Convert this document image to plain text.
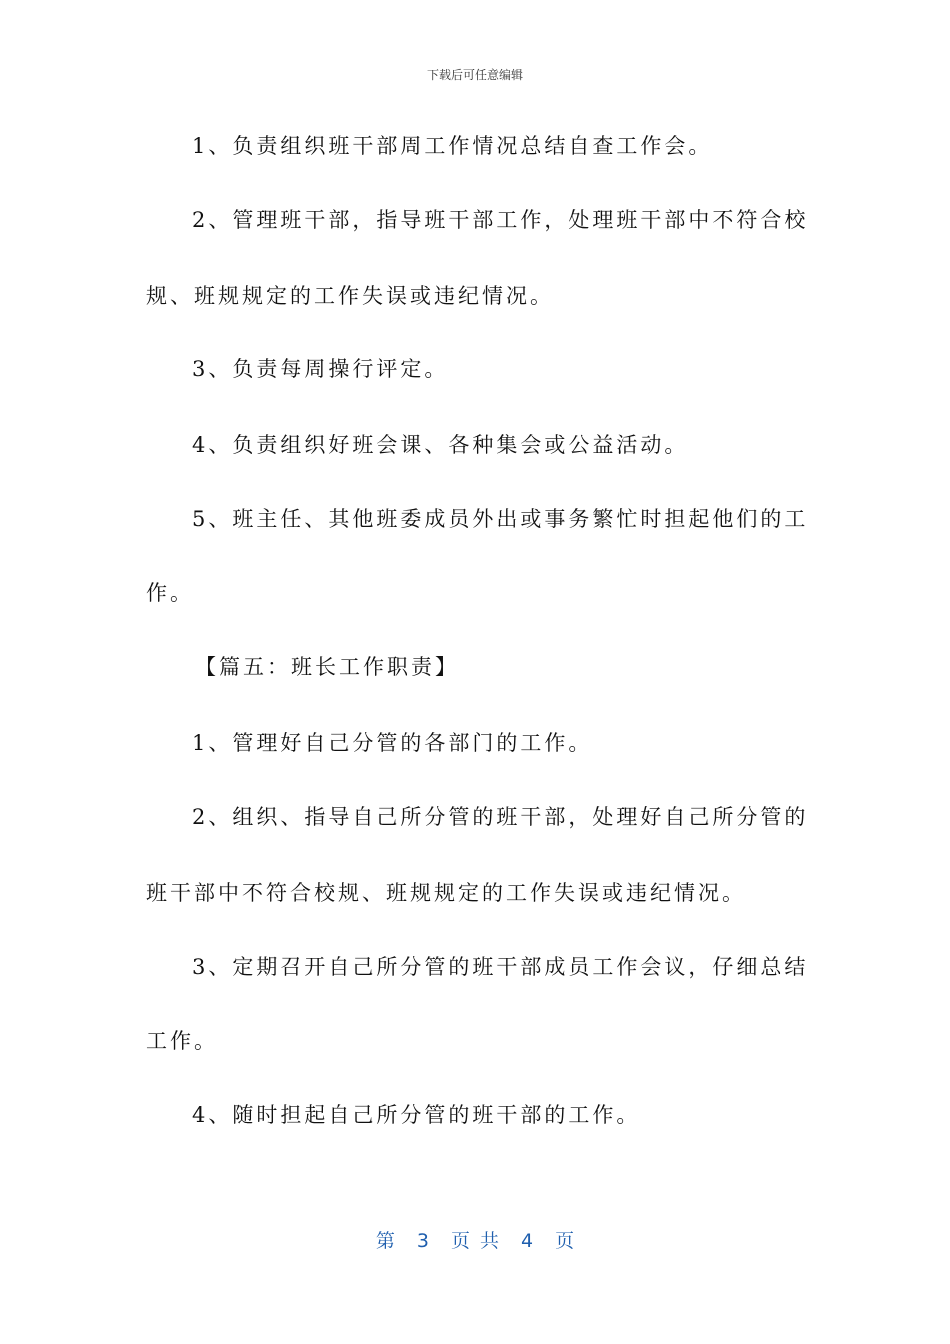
下载后可任意编辑
1、负责组织班干部周工作情况总结自查工作会。
2、管理班干部，指导班干部工作，处理班干部中不符合校
规、班规规定的工作失误或违纪情况。
3、负责每周操行评定。
4、负责组织好班会课、各种集会或公益活动。
5、班主任、其他班委成员外出或事务繁忙时担起他们的工
作。
【篇五：班长工作职责】
1、管理好自己分管的各部门的工作。
2、组织、指导自己所分管的班干部，处理好自己所分管的
班干部中不符合校规、班规规定的工作失误或违纪情况。
3、定期召开自己所分管的班干部成员工作会议，仔细总结
工作。
4、随时担起自己所分管的班干部的工作。
第 3 页共 4 页
